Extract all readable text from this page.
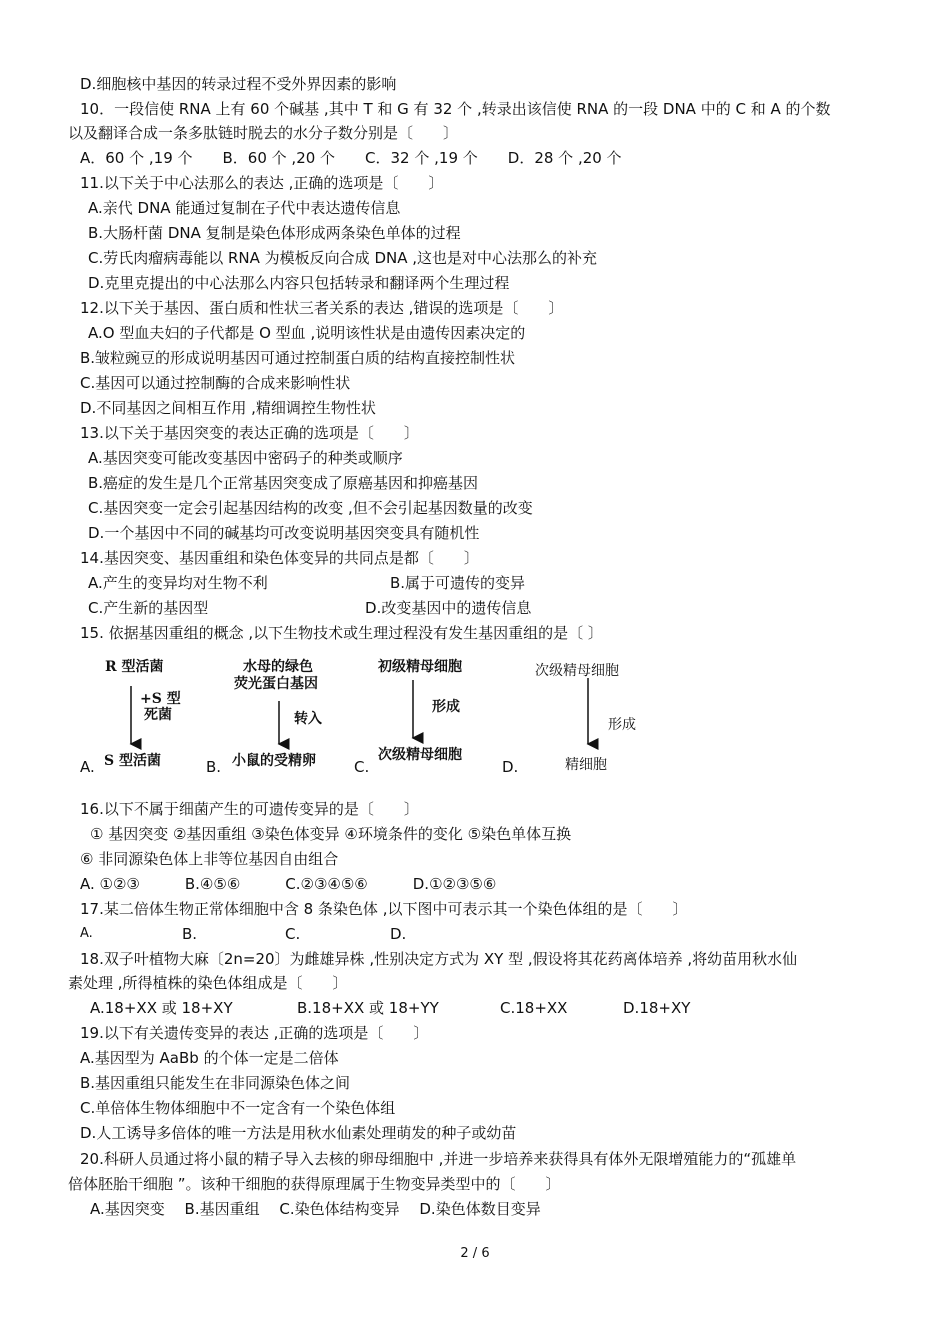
D.细胞核中基因的转录过程不受外界因素的影响
10．一段信使 RNA 上有 60 个碱基 ,其中 T 和 G 有 32 个 ,转录出该信使 RNA 的一段 DNA 中的 C 和 A 的个数
以及翻译合成一条多肽链时脱去的水分子数分别是〔　　〕
A．60 个 ,19 个　　B．60 个 ,20 个　　C．32 个 ,19 个　　D．28 个 ,20 个
11.以下关于中心法那么的表达 ,正确的选项是〔　　〕
A.亲代 DNA 能通过复制在子代中表达遗传信息
B.大肠杆菌 DNA 复制是染色体形成两条染色单体的过程
C.劳氏肉瘤病毒能以 RNA 为模板反向合成 DNA ,这也是对中心法那么的补充
D.克里克提出的中心法那么内容只包括转录和翻译两个生理过程
12.以下关于基因、蛋白质和性状三者关系的表达 ,错误的选项是〔　　〕
A.O 型血夫妇的子代都是 O 型血 ,说明该性状是由遗传因素决定的
B.皱粒豌豆的形成说明基因可通过控制蛋白质的结构直接控制性状
C.基因可以通过控制酶的合成来影响性状
D.不同基因之间相互作用 ,精细调控生物性状
13.以下关于基因突变的表达正确的选项是〔　　〕
A.基因突变可能改变基因中密码子的种类或顺序
B.癌症的发生是几个正常基因突变成了原癌基因和抑癌基因
C.基因突变一定会引起基因结构的改变 ,但不会引起基因数量的改变
D.一个基因中不同的碱基均可改变说明基因突变具有随机性
14.基因突变、基因重组和染色体变异的共同点是都〔　　〕
A.产生的变异均对生物不利	B.属于可遗传的变异
C.产生新的基因型	D.改变基因中的遗传信息
15. 依据基因重组的概念 ,以下生物技术或生理过程没有发生基因重组的是〔 〕
R 型活菌
+S 型
死菌
S 型活菌
水母的绿色
荧光蛋白基因
转入
小鼠的受精卵
初级精母细胞
形成
次级精母细胞
次级精母细胞
形成
精细胞
A.	B.	C.	D.
16.以下不属于细菌产生的可遗传变异的是〔　　〕
① 基因突变 ②基因重组 ③染色体变异 ④环境条件的变化 ⑤染色单体互换
⑥ 非同源染色体上非等位基因自由组合
A. ①②③　　　B.④⑤⑥　　　C.②③④⑤⑥　　　D.①②③⑤⑥
17.某二倍体生物正常体细胞中含 8 条染色体 ,以下图中可表示其一个染色体组的是〔　　〕
A.	B.	C.	D.
18.双子叶植物大麻〔2n=20〕为雌雄异株 ,性别决定方式为 XY 型 ,假设将其花药离体培养 ,将幼苗用秋水仙
素处理 ,所得植株的染色体组成是〔　　〕
A.18+XX 或 18+XY	B.18+XX 或 18+YY	C.18+XX	D.18+XY
19.以下有关遗传变异的表达 ,正确的选项是〔　　〕
A.基因型为 AaBb 的个体一定是二倍体
B.基因重组只能发生在非同源染色体之间
C.单倍体生物体细胞中不一定含有一个染色体组
D.人工诱导多倍体的唯一方法是用秋水仙素处理萌发的种子或幼苗
20.科研人员通过将小鼠的精子导入去核的卵母细胞中 ,并进一步培养来获得具有体外无限增殖能力的“孤雄单
倍体胚胎干细胞 ”。该种干细胞的获得原理属于生物变异类型中的〔　　〕
A.基因突变　 B.基因重组　 C.染色体结构变异　 D.染色体数目变异
2 / 6
